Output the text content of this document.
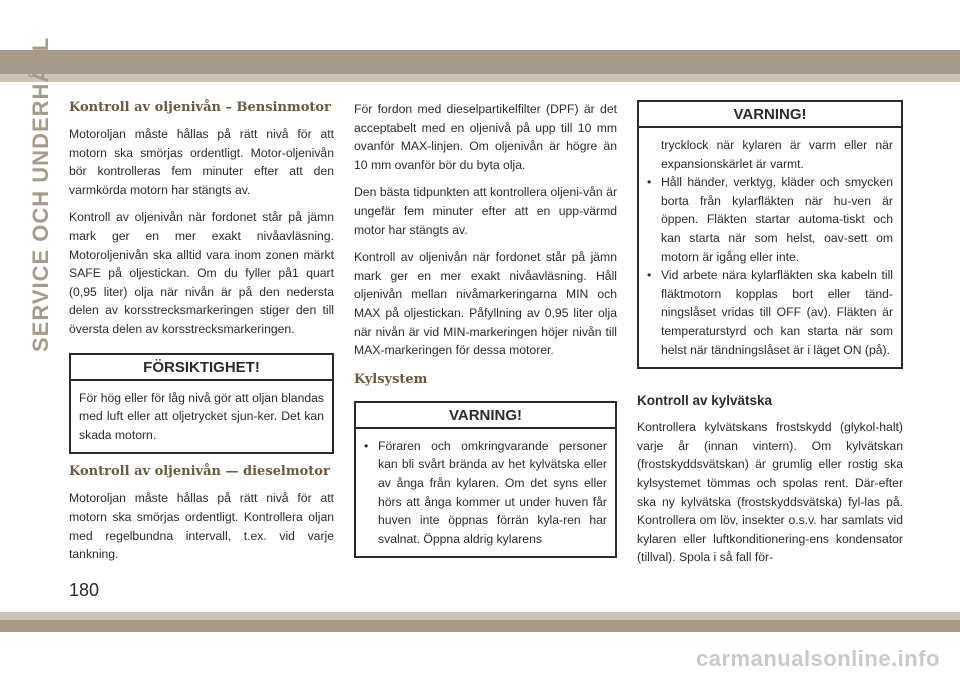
SERVICE OCH UNDERHÅLL Kontroll av oljenivån – Bensinmotor

Motoroljan måste hållas på rätt nivå för att motorn ska smörjas ordentligt. Motor-oljenivån bör kontrolleras fem minuter efter att den varmkörda motorn har stängts av.

Kontroll av oljenivån när fordonet står på jämn mark ger en mer exakt nivåavläsning. Motoroljenivån ska alltid vara inom zonen märkt SAFE på oljestickan. Om du fyller på1 quart (0,95 liter) olja när nivån är på den nedersta delen av korsstrecksmarkeringen stiger den till översta delen av korsstrecksmarkeringen.

FÖRSIKTIGHET!
För hög eller för låg nivå gör att oljan blandas med luft eller att oljetrycket sjun-ker. Det kan skada motorn.
Kontroll av oljenivån — dieselmotor

Motoroljan måste hållas på rätt nivå för att motorn ska smörjas ordentligt. Kontrollera oljan med regelbundna intervall, t.ex. vid varje tankning.

För fordon med dieselpartikelfilter (DPF) är det acceptabelt med en oljenivå på upp till 10 mm ovanför MAX-linjen. Om oljenivån är högre än 10 mm ovanför bör du byta olja.

Den bästa tidpunkten att kontrollera oljeni-vån är ungefär fem minuter efter att en upp-värmd motor har stängts av.

Kontroll av oljenivån när fordonet står på jämn mark ger en mer exakt nivåavläsning. Håll oljenivån mellan nivåmarkeringarna MIN och MAX på oljestickan. Påfyllning av 0,95 liter olja när nivån är vid MIN-markeringen höjer nivån till MAX-markeringen för dessa motorer.

Kylsystem
VARNING!
• Föraren och omkringvarande personer kan bli svårt brända av het kylvätska eller av ånga från kylaren. Om det syns eller hörs att ånga kommer ut under huven får huven inte öppnas förrän kyla-ren har svalnat. Öppna aldrig kylarens
VARNING!
trycklock när kylaren är varm eller när expansionskärlet är varmt.
• Håll händer, verktyg, kläder och smycken borta från kylarfläkten när hu-ven är öppen. Fläkten startar automa-tiskt och kan starta när som helst, oav-sett om motorn är igång eller inte.
• Vid arbete nära kylarfläkten ska kabeln till fläktmotorn kopplas bort eller tänd-ningslåset vridas till OFF (av). Fläkten är temperaturstyrd och kan starta när som helst när tändningslåset är i läget ON (på).
Kontroll av kylvätska

Kontrollera kylvätskans frostskydd (glykol-halt) varje år (innan vintern). Om kylvätskan (frostskyddsvätskan) är grumlig eller rostig ska kylsystemet tömmas och spolas rent. Där-efter ska ny kylvätska (frostskyddsvätska) fyl-las på. Kontrollera om löv, insekter o.s.v. har samlats vid kylaren eller luftkonditionering-ens kondensator (tillval). Spola i så fall för-

180
carmanualsonline.info
